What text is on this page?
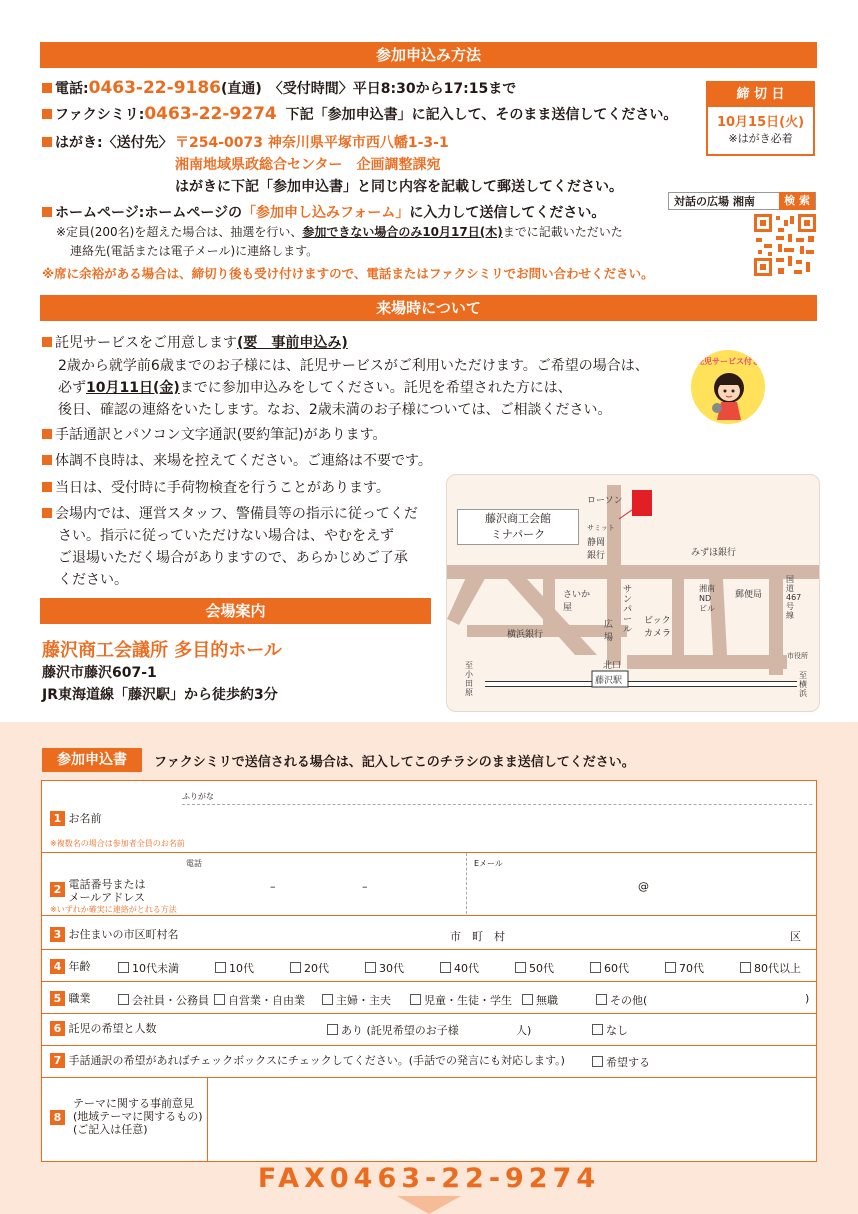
参加申込み方法
電話:0463-22-9186(直通)　〈受付時間〉平日8:30から17:15まで
ファクシミリ:0463-22-9274 下記「参加申込書」に記入して、そのまま送信してください。
はがき:〈送付先〉 〒254-0073 神奈川県平塚市西八幡1-3-1
湘南地域県政総合センター　企画調整課宛
はがきに下記「参加申込書」と同じ内容を記載して郵送してください。
ホームページ:ホームページの「参加申し込みフォーム」に入力して送信してください。
※定員(200名)を超えた場合は、抽選を行い、参加できない場合のみ10月17日(木)までに記載いただいた
連絡先(電話または電子メール)に連絡します。
※席に余裕がある場合は、締切り後も受け付けますので、電話またはファクシミリでお問い合わせください。
締 切 日
10月15日(火)
※はがき必着
対話の広場 湘南	検 索
来場時について
託児サービスをご用意します(要　事前申込み)
2歳から就学前6歳までのお子様には、託児サービスがご利用いただけます。ご希望の場合は、
必ず10月11日(金)までに参加申込みをしてください。託児を希望された方には、
後日、確認の連絡をいたします。なお、2歳未満のお子様については、ご相談ください。
託児サービス付き
手話通訳とパソコン文字通訳(要約筆記)があります。
体調不良時は、来場を控えてください。ご連絡は不要です。
当日は、受付時に手荷物検査を行うことがあります。
会場内では、運営スタッフ、警備員等の指示に従ってくだ
さい。指示に従っていただけない場合は、やむをえず
ご退場いただく場合がありますので、あらかじめご了承
ください。
会場案内
藤沢商工会議所 多目的ホール
藤沢市藤沢607-1
JR東海道線「藤沢駅」から徒歩約3分
藤沢商工会館
ミナパーク
ローソン
サミット
静岡銀行	みずほ銀行
湘南NDビル
郵便局
国道467号線
さいか屋
広場
サンパール
ビックカメラ
横浜銀行
北口
藤沢駅
市役所
至小田原
至横浜
参加申込書	ファクシミリで送信される場合は、記入してこのチラシのまま送信してください。
ふりがな
1 お名前
※複数名の場合は参加者全員のお名前
電話	Eメール
2 電話番号または
メールアドレス
–	–	@
※いずれか確実に連絡がとれる方法
3 お住まいの市区町村名	市　町　村	区
4 年齢	10代未満	10代	20代	30代	40代	50代	60代	70代	80代以上
5 職業	会社員・公務員	自営業・自由業	主婦・主夫	児童・生徒・学生	無職	その他(	)
6 託児の希望と人数	あり (託児希望のお子様	人)	なし
7 手話通訳の希望があればチェックボックスにチェックしてください。(手話での発言にも対応します。)	希望する
8
テーマに関する事前意見
(地域テーマに関するもの)
(ご記入は任意)
FAX0463-22-9274
